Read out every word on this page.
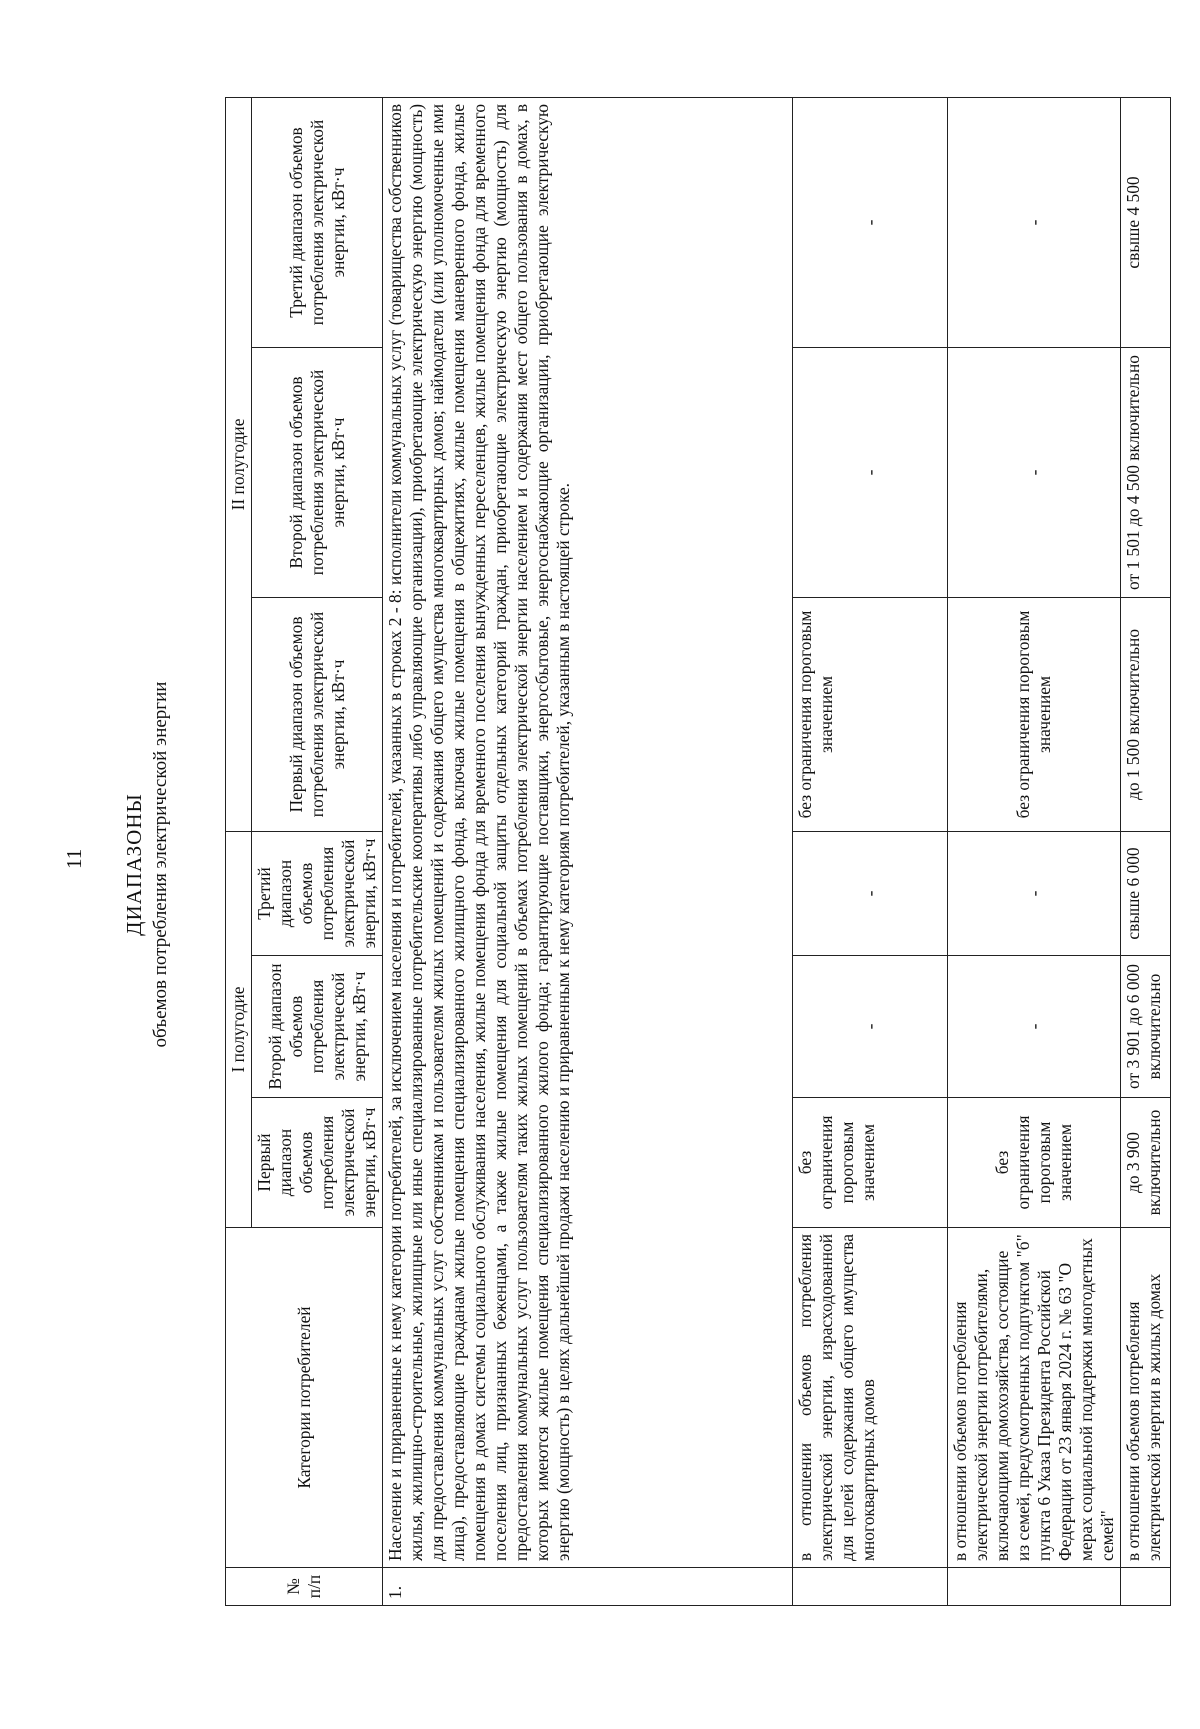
11 ДИАПАЗОНЫ объемов потребления электрической энергии
№ п/п	Категории потребителей	I полугодие			II полугодие		
		Первый диапазон объемов потребления электрической энергии, кВт·ч	Второй диапазон объемов потребления электрической энергии, кВт·ч	Третий диапазон объемов потребления электрической энергии, кВт·ч	Первый диапазон объемов потребления электрической энергии, кВт·ч	Второй диапазон объемов потребления электрической энергии, кВт·ч	Третий диапазон объемов потребления электрической энергии, кВт·ч
1.	Население и приравненные к нему категории потребителей, за исключением населения и потребителей, указанных в строках 2 - 8: исполнители коммунальных услуг (товарищества собственников жилья, жилищно-строительные, жилищные или иные специализированные потребительские кооперативы либо управляющие организации), приобретающие электрическую энергию (мощность) для предоставления коммунальных услуг собственникам и пользователям жилых помещений и содержания общего имущества многоквартирных домов; наймодатели (или уполномоченные ими лица), предоставляющие гражданам жилые помещения специализированного жилищного фонда, включая жилые помещения в общежитиях, жилые помещения маневренного фонда, жилые помещения в домах системы социального обслуживания населения, жилые помещения фонда для временного поселения вынужденных переселенцев, жилые помещения фонда для временного поселения лиц, признанных беженцами, а также жилые помещения для социальной защиты отдельных категорий граждан, приобретающие электрическую энергию (мощность) для предоставления коммунальных услуг пользователям таких жилых помещений в объемах потребления электрической энергии населением и содержания мест общего пользования в домах, в которых имеются жилые помещения специализированного жилого фонда; гарантирующие поставщики, энергосбытовые, энергоснабжающие организации, приобретающие электрическую энергию (мощность) в целях дальнейшей продажи населению и приравненным к нему категориям потребителей, указанным в настоящей строке.						
	в отношении объемов потребления электрической энергии, израсходованной для целей содержания общего имущества многоквартирных домов	без ограничения пороговым значением	-	-	без ограничения пороговым значением	-	-
	в отношении объемов потребления электрической энергии потребителями, включающими домохозяйства, состоящие из семей, предусмотренных подпунктом "б" пункта 6 Указа Президента Российской Федерации от 23 января 2024 г. № 63 "О мерах социальной поддержки многодетных семей"	без ограничения пороговым значением	-	-	без ограничения пороговым значением	-	-
	в отношении объемов потребления электрической энергии в жилых домах	до 3 900 включительно	от 3 901 до 6 000 включительно	свыше 6 000	до 1 500 включительно	от 1 501 до 4 500 включительно	свыше 4 500
